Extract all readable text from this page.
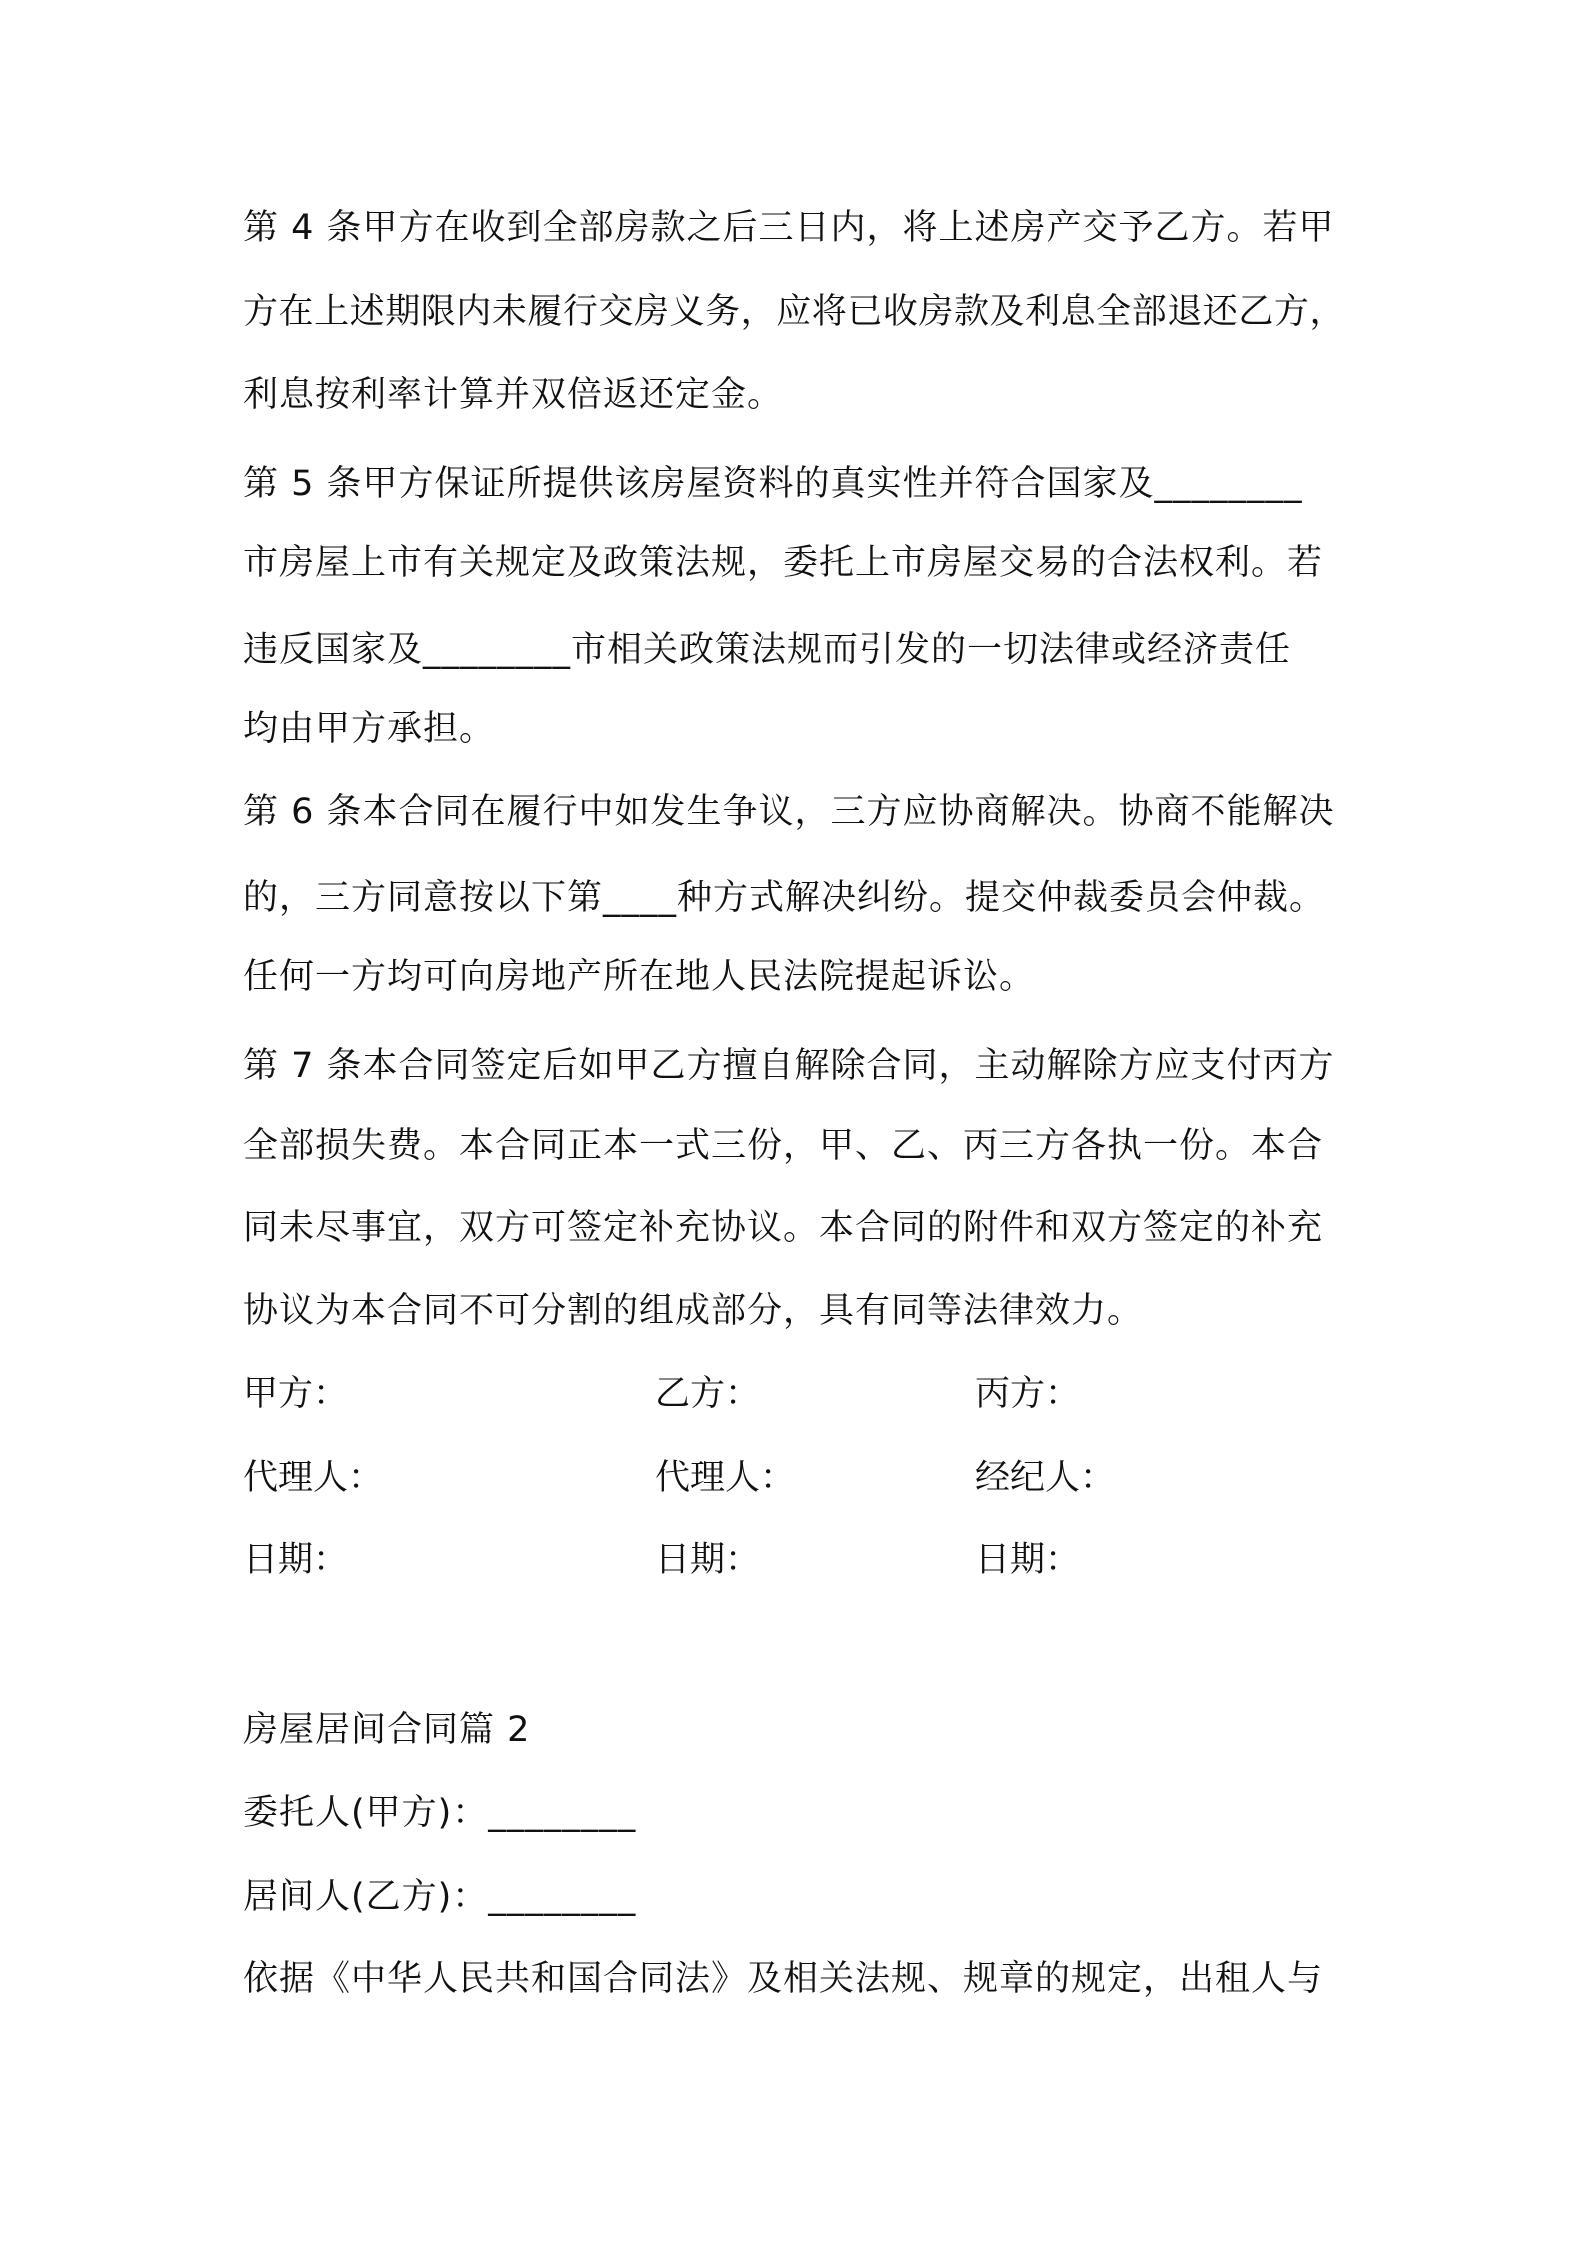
第 4 条甲方在收到全部房款之后三日内，将上述房产交予乙方。若甲
方在上述期限内未履行交房义务，应将已收房款及利息全部退还乙方，
利息按利率计算并双倍返还定金。
第 5 条甲方保证所提供该房屋资料的真实性并符合国家及________
市房屋上市有关规定及政策法规，委托上市房屋交易的合法权利。若
违反国家及________市相关政策法规而引发的一切法律或经济责任
均由甲方承担。
第 6 条本合同在履行中如发生争议，三方应协商解决。协商不能解决
的，三方同意按以下第____种方式解决纠纷。提交仲裁委员会仲裁。
任何一方均可向房地产所在地人民法院提起诉讼。
第 7 条本合同签定后如甲乙方擅自解除合同，主动解除方应支付丙方
全部损失费。本合同正本一式三份，甲、乙、丙三方各执一份。本合
同未尽事宜，双方可签定补充协议。本合同的附件和双方签定的补充
协议为本合同不可分割的组成部分，具有同等法律效力。
甲方：	乙方：	丙方：
代理人：	代理人：	经纪人：
日期：	日期：	日期：
房屋居间合同篇 2
委托人(甲方)：________
居间人(乙方)：________
依据《中华人民共和国合同法》及相关法规、规章的规定，出租人与
